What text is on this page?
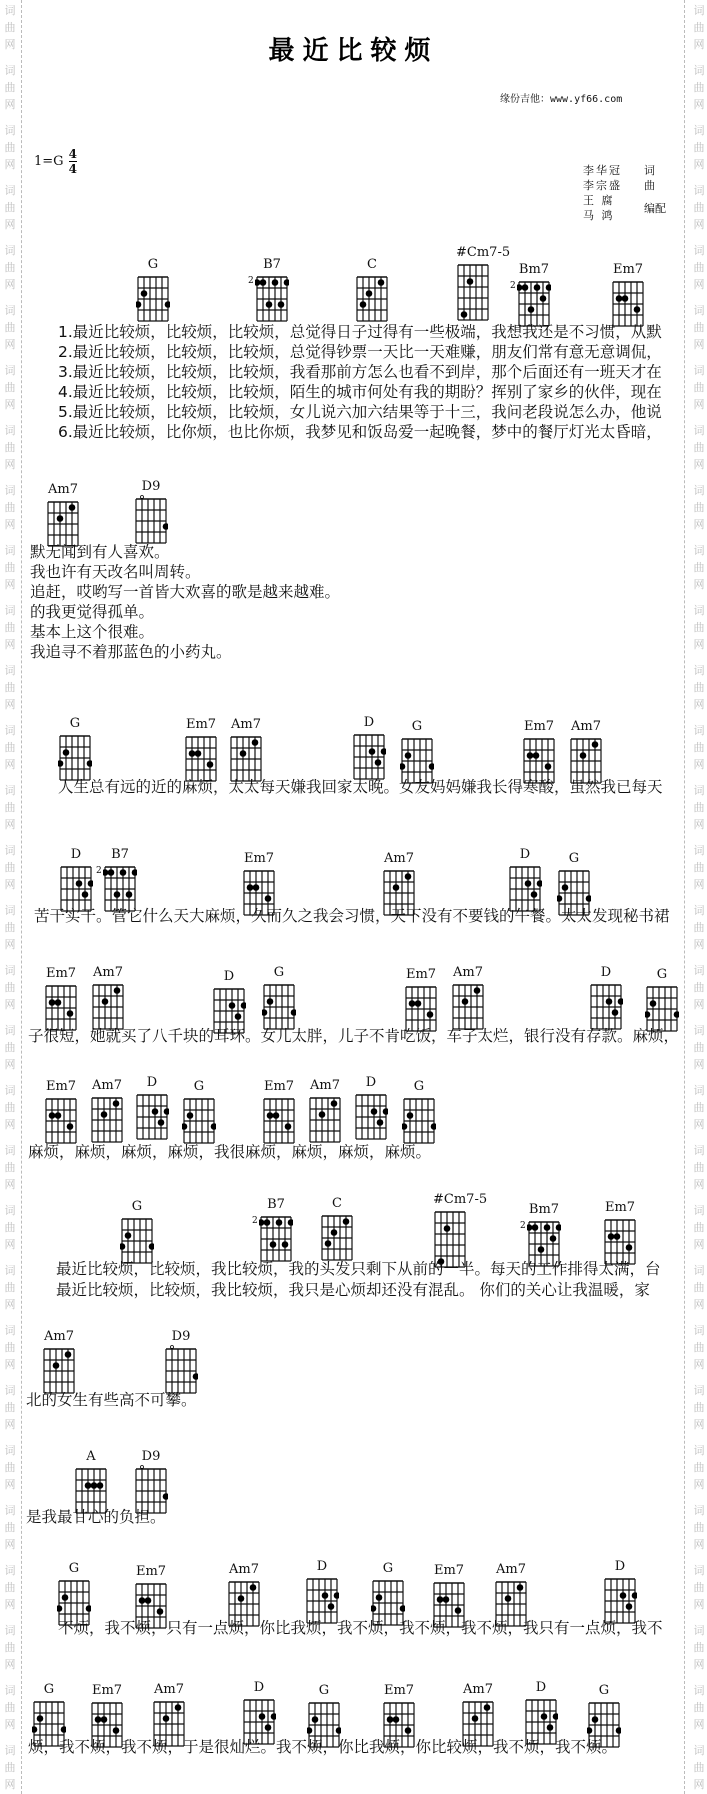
词
曲
网
词
曲
网
词
曲
网
词
曲
网
词
曲
网
词
曲
网
词
曲
网
词
曲
网
词
曲
网
词
曲
网
词
曲
网
词
曲
网
词
曲
网
词
曲
网
词
曲
网
词
曲
网
词
曲
网
词
曲
网
词
曲
网
词
曲
网
词
曲
网
词
曲
网
词
曲
网
词
曲
网
词
曲
网
词
曲
网
词
曲
网
词
曲
网
词
曲
网
词
曲
网
词
曲
网
词
曲
网
词
曲
网
词
曲
网
词
曲
网
词
曲
网
词
曲
网
词
曲
网
词
曲
网
词
曲
网
词
曲
网
词
曲
网
词
曲
网
词
曲
网
词
曲
网
词
曲
网
词
曲
网
词
曲
网
词
曲
网
词
曲
网
词
曲
网
词
曲
网
词
曲
网
词
曲
网
词
曲
网
词
曲
网
词
曲
网
词
曲
网
词
曲
网
词
曲
网
最近比较烦
缘份吉他：www.yf66.com
$1=G \frac{4}{4}$	李华冠	词
李宗盛	曲
王 腐
马 鸿
编配
G	B7
2
C
#Cm7-5
Bm7
2
Em7
1.最近比较烦，比较烦，比较烦，总觉得日子过得有一些极端，我想我还是不习惯，从默
2.最近比较烦，比较烦，比较烦，总觉得钞票一天比一天难赚，朋友们常有意无意调侃，
3.最近比较烦，比较烦，比较烦，我看那前方怎么也看不到岸，那个后面还有一班天才在
4.最近比较烦，比较烦，比较烦，陌生的城市何处有我的期盼？挥别了家乡的伙伴，现在
5.最近比较烦，比较烦，比较烦，女儿说六加六结果等于十三，我问老段说怎么办，他说
6.最近比较烦，比你烦，也比你烦，我梦见和饭岛爱一起晚餐，梦中的餐厅灯光太昏暗，
Am7	D9
默无闻到有人喜欢。
我也许有天改名叫周转。
追赶，哎哟写一首皆大欢喜的歌是越来越难。
的我更觉得孤单。
基本上这个很难。
我追寻不着那蓝色的小药丸。
G	Em7 Am7	D	G	Em7 Am7
人生总有远的近的麻烦，太太每天嫌我回家太晚。女友妈妈嫌我长得寒酸，虽然我已每天
D	B7
2
Em7	Am7	D	G
苦干实干。管它什么天大麻烦，久而久之我会习惯，天下没有不要钱的午餐。太太发现秘书裙
Em7 Am7	D	G	Em7 Am7	D	G
子很短，她就买了八千块的耳环。女儿太胖，儿子不肯吃饭，车子太烂，银行没有存款。麻烦，
Em7 Am7	D	G	Em7 Am7	D	G
麻烦，麻烦，麻烦，麻烦，我很麻烦，麻烦，麻烦，麻烦。
G	B7
2
C	#Cm7-5
Bm7
2
Em7
最近比较烦，比较烦，我比较烦，我的头发只剩下从前的一半。每天的工作排得太满，台
最近比较烦，比较烦，我比较烦，我只是心烦却还没有混乱。 你们的关心让我温暖，家
Am7	D9
北的女生有些高不可攀。
A	D9
是我最甘心的负担。
G	Em7	Am7	D	G	Em7 Am7	D
不烦，我不烦，只有一点烦，你比我烦，我不烦，我不烦，我不烦，我只有一点烦，我不
G	Em7 Am7	D	G	Em7	Am7	D	G
烦，我不烦，我不烦，于是很灿烂。我不烦，你比我烦，你比较烦，我不烦，我不烦。
